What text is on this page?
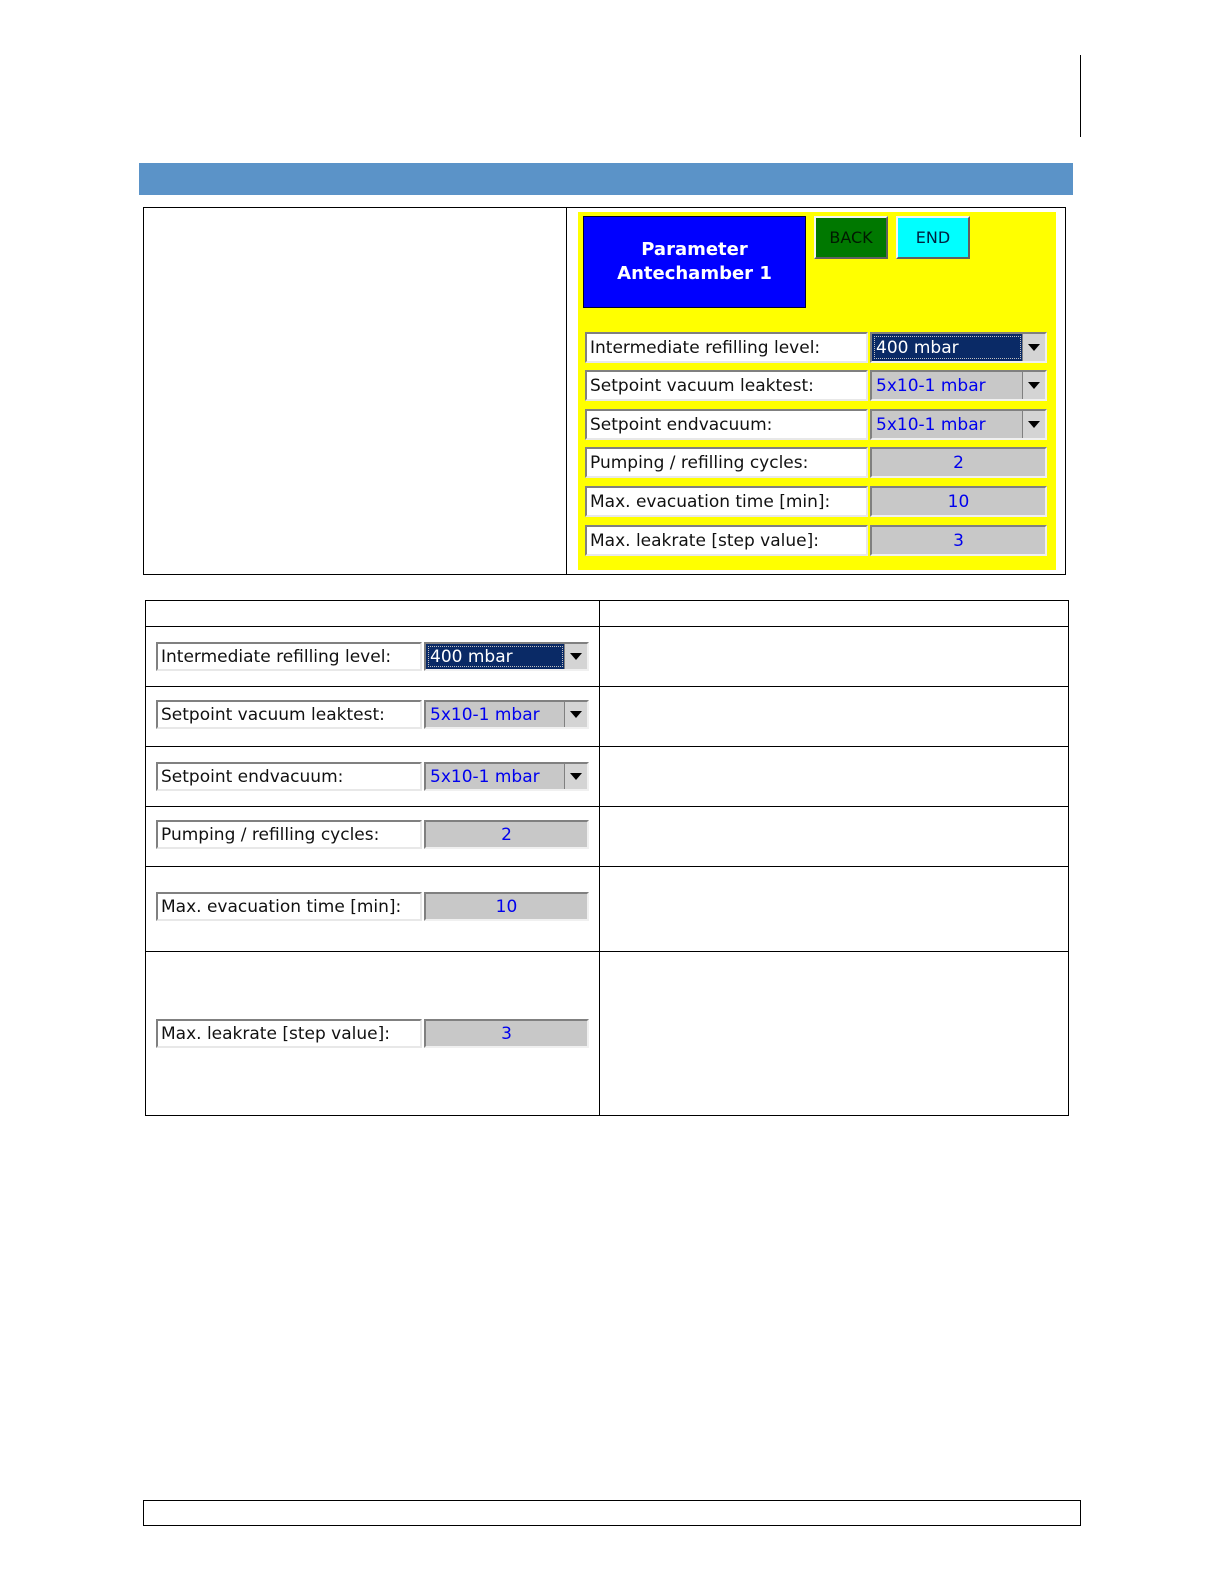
Parameter
Antechamber 1
BACK	END
Intermediate refilling level:	400 mbar
Setpoint vacuum leaktest:	5x10-1 mbar
Setpoint endvacuum:	5x10-1 mbar
Pumping / refilling cycles:	2
Max. evacuation time [min]:	10
Max. leakrate [step value]:	3

Intermediate refilling level: 400 mbar	

Setpoint vacuum leaktest: 5x10-1 mbar	

Setpoint endvacuum: 5x10-1 mbar	

Pumping / refilling cycles: 2	

Max. evacuation time [min]: 10	

Max. leakrate [step value]: 3	
